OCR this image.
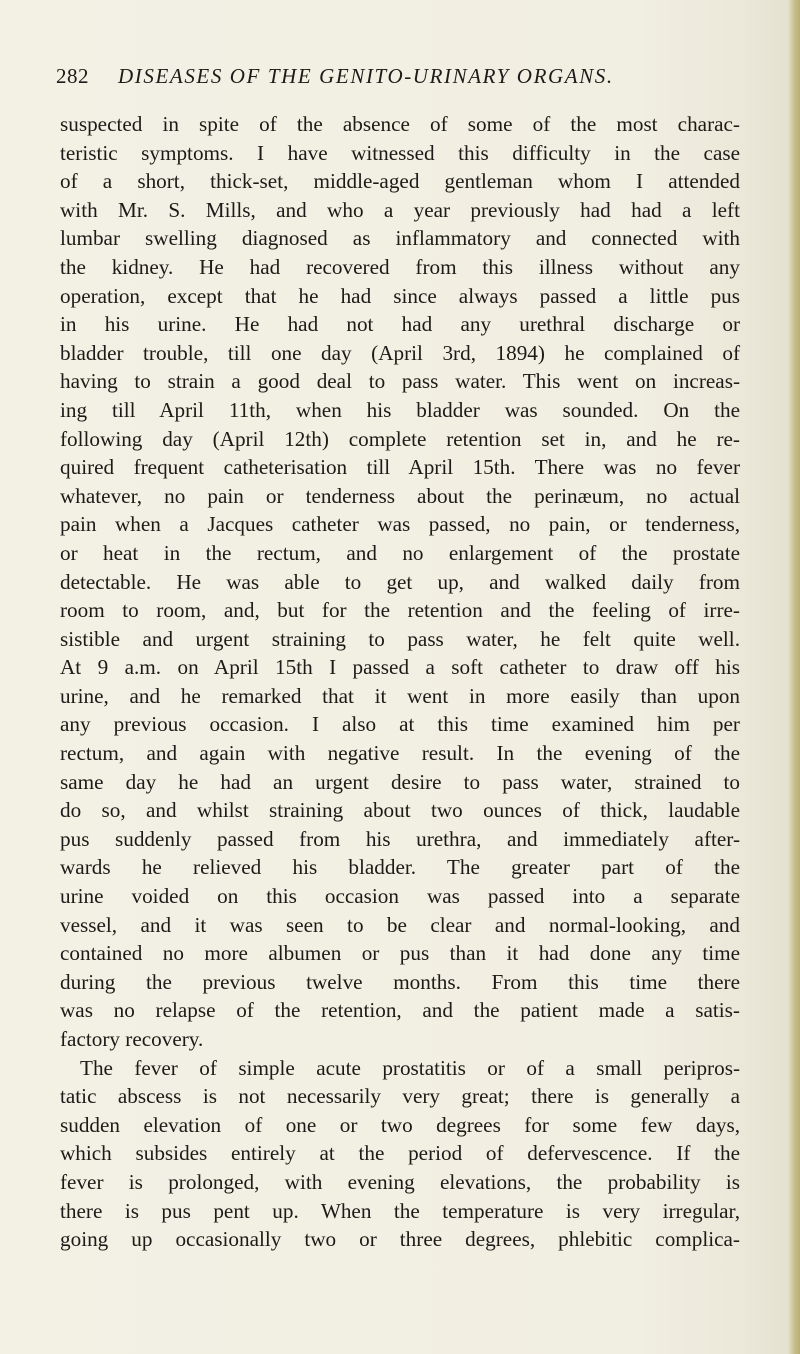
282 DISEASES OF THE GENITO-URINARY ORGANS.
suspected in spite of the absence of some of the most charac-
teristic symptoms. I have witnessed this difficulty in the case
of a short, thick-set, middle-aged gentleman whom I attended
with Mr. S. Mills, and who a year previously had had a left
lumbar swelling diagnosed as inflammatory and connected with
the kidney. He had recovered from this illness without any
operation, except that he had since always passed a little pus
in his urine. He had not had any urethral discharge or
bladder trouble, till one day (April 3rd, 1894) he complained of
having to strain a good deal to pass water. This went on increas-
ing till April 11th, when his bladder was sounded. On the
following day (April 12th) complete retention set in, and he re-
quired frequent catheterisation till April 15th. There was no fever
whatever, no pain or tenderness about the perinæum, no actual
pain when a Jacques catheter was passed, no pain, or tenderness,
or heat in the rectum, and no enlargement of the prostate
detectable. He was able to get up, and walked daily from
room to room, and, but for the retention and the feeling of irre-
sistible and urgent straining to pass water, he felt quite well.
At 9 a.m. on April 15th I passed a soft catheter to draw off his
urine, and he remarked that it went in more easily than upon
any previous occasion. I also at this time examined him per
rectum, and again with negative result. In the evening of the
same day he had an urgent desire to pass water, strained to
do so, and whilst straining about two ounces of thick, laudable
pus suddenly passed from his urethra, and immediately after-
wards he relieved his bladder. The greater part of the
urine voided on this occasion was passed into a separate
vessel, and it was seen to be clear and normal-looking, and
contained no more albumen or pus than it had done any time
during the previous twelve months. From this time there
was no relapse of the retention, and the patient made a satis-
factory recovery.
The fever of simple acute prostatitis or of a small peripros-
tatic abscess is not necessarily very great; there is generally a
sudden elevation of one or two degrees for some few days,
which subsides entirely at the period of defervescence. If the
fever is prolonged, with evening elevations, the probability is
there is pus pent up. When the temperature is very irregular,
going up occasionally two or three degrees, phlebitic complica-
